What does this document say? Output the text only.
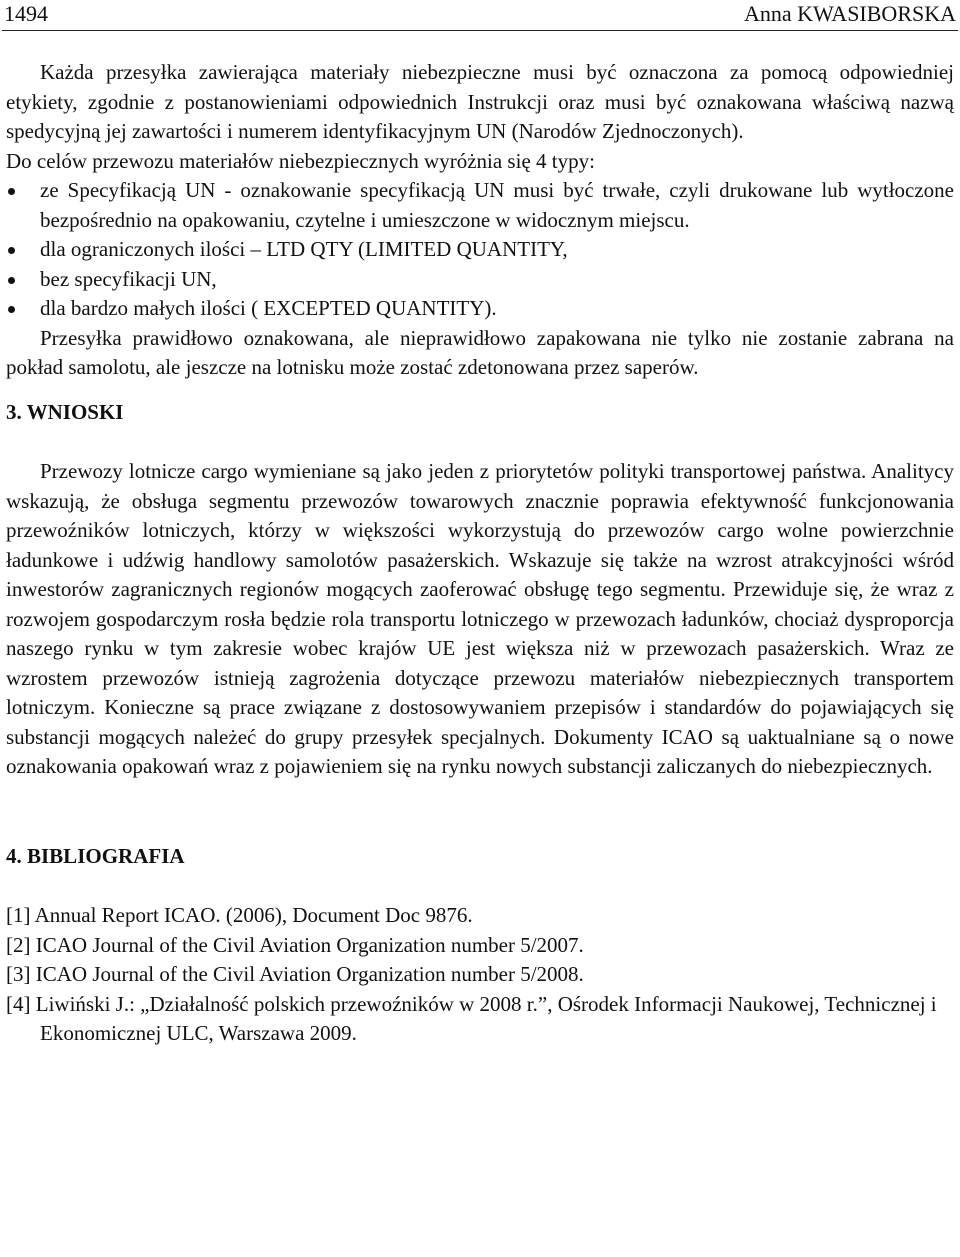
1494	Anna KWASIBORSKA

Każda przesyłka zawierająca materiały niebezpieczne musi być oznaczona za pomocą odpowiedniej etykiety, zgodnie z postanowieniami odpowiednich Instrukcji oraz musi być oznakowana właściwą nazwą spedycyjną jej zawartości i numerem identyfikacyjnym UN (Narodów Zjednoczonych).

Do celów przewozu materiałów niebezpiecznych wyróżnia się 4 typy:

ze Specyfikacją UN - oznakowanie specyfikacją UN musi być trwałe, czyli drukowane lub wytłoczone bezpośrednio na opakowaniu, czytelne i umieszczone w widocznym miejscu.
dla ograniczonych ilości – LTD QTY (LIMITED QUANTITY,
bez specyfikacji UN,
dla bardzo małych ilości ( EXCEPTED QUANTITY).

Przesyłka prawidłowo oznakowana, ale nieprawidłowo zapakowana nie tylko nie zostanie zabrana na pokład samolotu, ale jeszcze na lotnisku może zostać zdetonowana przez saperów.

3. WNIOSKI

Przewozy lotnicze cargo wymieniane są jako jeden z priorytetów polityki transportowej państwa. Analitycy wskazują, że obsługa segmentu przewozów towarowych znacznie poprawia efektywność funkcjonowania przewoźników lotniczych, którzy w większości wykorzystują do przewozów cargo wolne powierzchnie ładunkowe i udźwig handlowy samolotów pasażerskich. Wskazuje się także na wzrost atrakcyjności wśród inwestorów zagranicznych regionów mogących zaoferować obsługę tego segmentu. Przewiduje się, że wraz z rozwojem gospodarczym rosła będzie rola transportu lotniczego w przewozach ładunków, chociaż dysproporcja naszego rynku w tym zakresie wobec krajów UE jest większa niż w przewozach pasażerskich. Wraz ze wzrostem przewozów istnieją zagrożenia dotyczące przewozu materiałów niebezpiecznych transportem lotniczym. Konieczne są prace związane z dostosowywaniem przepisów i standardów do pojawiających się substancji mogących należeć do grupy przesyłek specjalnych. Dokumenty ICAO są uaktualniane są o nowe oznakowania opakowań wraz z pojawieniem się na rynku nowych substancji zaliczanych do niebezpiecznych.

4. BIBLIOGRAFIA

[1] Annual Report ICAO. (2006), Document Doc 9876.

[2] ICAO Journal of the Civil Aviation Organization number 5/2007.

[3] ICAO Journal of the Civil Aviation Organization number 5/2008.

[4] Liwiński J.: „Działalność polskich przewoźników w 2008 r.”, Ośrodek Informacji Naukowej, Technicznej i Ekonomicznej ULC, Warszawa 2009.
